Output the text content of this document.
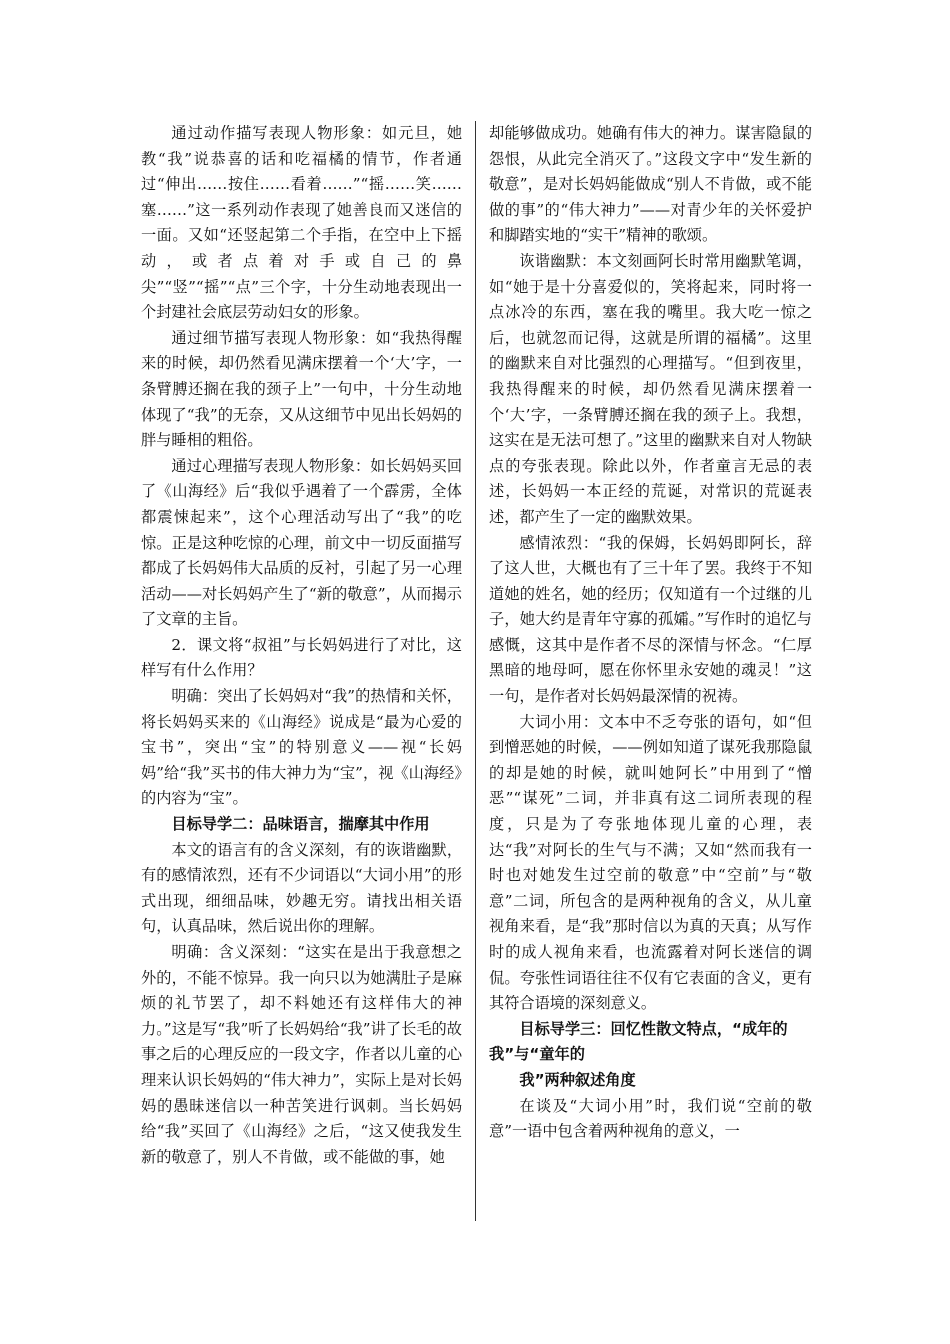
通过动作描写表现人物形象：如元旦，她教“我”说恭喜的话和吃福橘的情节，作者通过“伸出……按住……看着……”“摇……笑……塞……”这一系列动作表现了她善良而又迷信的一面。又如“还竖起第二个手指，在空中上下摇动，或者点着对手或自己的鼻尖”“竖”“摇”“点”三个字，十分生动地表现出一个封建社会底层劳动妇女的形象。

通过细节描写表现人物形象：如“我热得醒来的时候，却仍然看见满床摆着一个‘大’字，一条臂膊还搁在我的颈子上”一句中，十分生动地体现了“我”的无奈，又从这细节中见出长妈妈的胖与睡相的粗俗。

通过心理描写表现人物形象：如长妈妈买回了《山海经》后“我似乎遇着了一个霹雳，全体都震悚起来”，这个心理活动写出了“我”的吃惊。正是这种吃惊的心理，前文中一切反面描写都成了长妈妈伟大品质的反衬，引起了另一心理活动——对长妈妈产生了“新的敬意”，从而揭示了文章的主旨。

2．课文将“叔祖”与长妈妈进行了对比，这样写有什么作用？

明确：突出了长妈妈对“我”的热情和关怀，将长妈妈买来的《山海经》说成是“最为心爱的宝书”，突出“宝”的特别意义——视“长妈妈”给“我”买书的伟大神力为“宝”，视《山海经》的内容为“宝”。

目标导学二：品味语言，揣摩其中作用

本文的语言有的含义深刻，有的诙谐幽默，有的感情浓烈，还有不少词语以“大词小用”的形式出现，细细品味，妙趣无穷。请找出相关语句，认真品味，然后说出你的理解。

明确：含义深刻：“这实在是出于我意想之外的，不能不惊异。我一向只以为她满肚子是麻烦的礼节罢了，却不料她还有这样伟大的神力。”这是写“我”听了长妈妈给“我”讲了长毛的故事之后的心理反应的一段文字，作者以儿童的心理来认识长妈妈的“伟大神力”，实际上是对长妈妈的愚昧迷信以一种苦笑进行讽刺。当长妈妈给“我”买回了《山海经》之后，“这又使我发生新的敬意了，别人不肯做，或不能做的事，她

却能够做成功。她确有伟大的神力。谋害隐鼠的怨恨，从此完全消灭了。”这段文字中“发生新的敬意”，是对长妈妈能做成“别人不肯做，或不能做的事”的“伟大神力”——对青少年的关怀爱护和脚踏实地的“实干”精神的歌颂。

诙谐幽默：本文刻画阿长时常用幽默笔调，如“她于是十分喜爱似的，笑将起来，同时将一点冰冷的东西，塞在我的嘴里。我大吃一惊之后，也就忽而记得，这就是所谓的福橘”。这里的幽默来自对比强烈的心理描写。“但到夜里，我热得醒来的时候，却仍然看见满床摆着一个‘大’字，一条臂膊还搁在我的颈子上。我想，这实在是无法可想了。”这里的幽默来自对人物缺点的夸张表现。除此以外，作者童言无忌的表述，长妈妈一本正经的荒诞，对常识的荒诞表述，都产生了一定的幽默效果。

感情浓烈：“我的保姆，长妈妈即阿长，辞了这人世，大概也有了三十年了罢。我终于不知道她的姓名，她的经历；仅知道有一个过继的儿子，她大约是青年守寡的孤孀。”写作时的追忆与感慨，这其中是作者不尽的深情与怀念。“仁厚黑暗的地母呵，愿在你怀里永安她的魂灵！”这一句，是作者对长妈妈最深情的祝祷。

大词小用：文本中不乏夸张的语句，如“但到憎恶她的时候，——例如知道了谋死我那隐鼠的却是她的时候，就叫她阿长”中用到了“憎恶”“谋死”二词，并非真有这二词所表现的程度，只是为了夸张地体现儿童的心理，表达“我”对阿长的生气与不满；又如“然而我有一时也对她发生过空前的敬意”中“空前”与“敬意”二词，所包含的是两种视角的含义，从儿童视角来看，是“我”那时信以为真的天真；从写作时的成人视角来看，也流露着对阿长迷信的调侃。夸张性词语往往不仅有它表面的含义，更有其符合语境的深刻意义。

目标导学三：回忆性散文特点，“成年的我”与“童年的
我”两种叙述角度

在谈及“大词小用”时，我们说“空前的敬意”一语中包含着两种视角的意义，一
